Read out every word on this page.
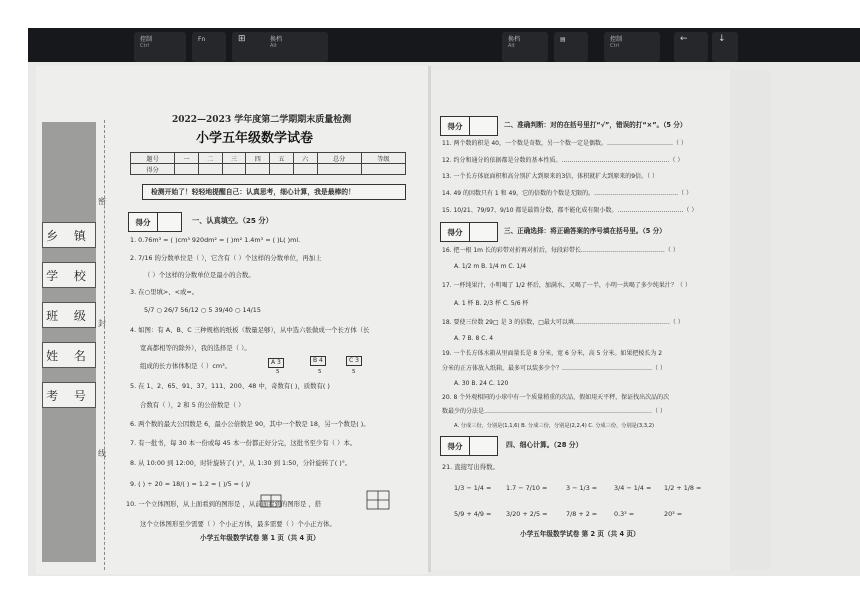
控制
Ctrl
Fn	⊞	换档
Alt
换档
Alt
▤	控制
Ctrl
←	↓
乡 镇
学 校
班 级
姓 名
考 号
密
封
线
2022—2023 学年度第二学期期末质量检测
小学五年级数学试卷
题号	一	二	三	四	五	六	总分	等级
得分								
检测开始了！轻轻地提醒自己：认真思考，细心计算，我是最棒的！
得分	一、认真填空。（25 分）
1. 0.76m³ = ( )cm³ 920dm² = ( )m² 1.4m³ = ( )L( )ml.
2. 7/16 的分数单位是（ ），它含有（ ）个这样的分数单位，再加上
（ ）个这样的分数单位是最小的合数。
3. 在○里填>、<或=。
5/7 ○ 26/7 56/12 ○ 5 39/40 ○ 14/15
4. 如图：有 A、B、C 三种规格的纸板（数量足够），从中选六张做成一个长方体（长
宽高都相等的除外），我的选择是（ ）。
组成的长方体体积是（ ）cm³。	A 3
5
B 4
5
C 3
5
5. 在 1、2、65、91、37、111、200、48 中，奇数有( )，质数有( )
合数有（ ），2 和 5 的公倍数是（ ）
6. 两个数的最大公因数是 6，最小公倍数是 90，其中一个数是 18，另一个数是( )。
7. 有一批书，每 30 本一份或每 45 本一份都正好分完，这批书至少有（ ）本。
8. 从 10:00 到 12:00，时针旋转了( )°，从 1:30 到 1:50，分针旋转了( )°。
9. ( ) ÷ 20 = 18/( ) = 1.2 = ( )/5 = ( )/
10. 一个立体图形，从上面看到的图形是 ，从前面看到的图形是 ，搭
这个立体图形至少需要（ ）个小正方体，最多需要（ ）个小正方体。
小学五年级数学试卷 第 1 页（共 4 页）
得分	二、准确判断：对的在括号里打“√”，错误的打“×”。（5 分）
11. 两个数的积是 40，一个数是奇数，另一个数一定是偶数。……………………………（ ）
12. 约分和通分的依据都是分数的基本性质。………………………………………………（ ）
13. 一个长方体底面积和高分别扩大到原来的3倍，体积就扩大到原来的9倍。（ ）
14. 49 的因数只有 1 和 49，它的倍数的个数是无限的。……………………………………（ ）
15. 10/21、79/97、9/10 都是最简分数，都不能化成有限小数。……………………………（ ）
得分	三、正确选择：将正确答案的序号填在括号里。（5 分）
16. 把一根 1m 长的彩带对折再对折后，每段彩带长……………………………………（ ）
A. 1/2 m B. 1/4 m C. 1/4
17. 一杯纯果汁，小明喝了 1/2 杯后，加满水，又喝了一半，小明一共喝了多少纯果汁？（ ）
A. 1 杯 B. 2/3 杯 C. 5/6 杯
18. 要使三位数 29□ 是 3 的倍数，□最大可以填…………………………………………（ ）
A. 7 B. 8 C. 4
19. 一个长方体水箱从里面量长是 8 分米，宽 6 分米，高 5 分米。如果把棱长为 2
分米的正方体放入纸箱，最多可以装多少个？………………………………………（ ）
A. 30 B. 24 C. 120
20. 8 个外观相同的小球中有一个质量稍重的次品，假如用天平秤，保证找出次品的次
数最少的分法是…………………………………………………………………………（ ）
A. 分成三份，分别是(1,1,6) B. 分成三份，分别是(2,2,4) C. 分成三份，分别是(3,3,2)
得分	四、细心计算。（28 分）
21. 直接写出得数。
1/3 − 1/4 = 1.7 − 7/10 =	3 − 1/3 =	3/4 − 1/4 = 1/2 + 1/8 =
5/9 + 4/9 = 3/20 + 2/5 =	7/8 + 2 =	0.3³ =	20³ =
小学五年级数学试卷 第 2 页（共 4 页）
